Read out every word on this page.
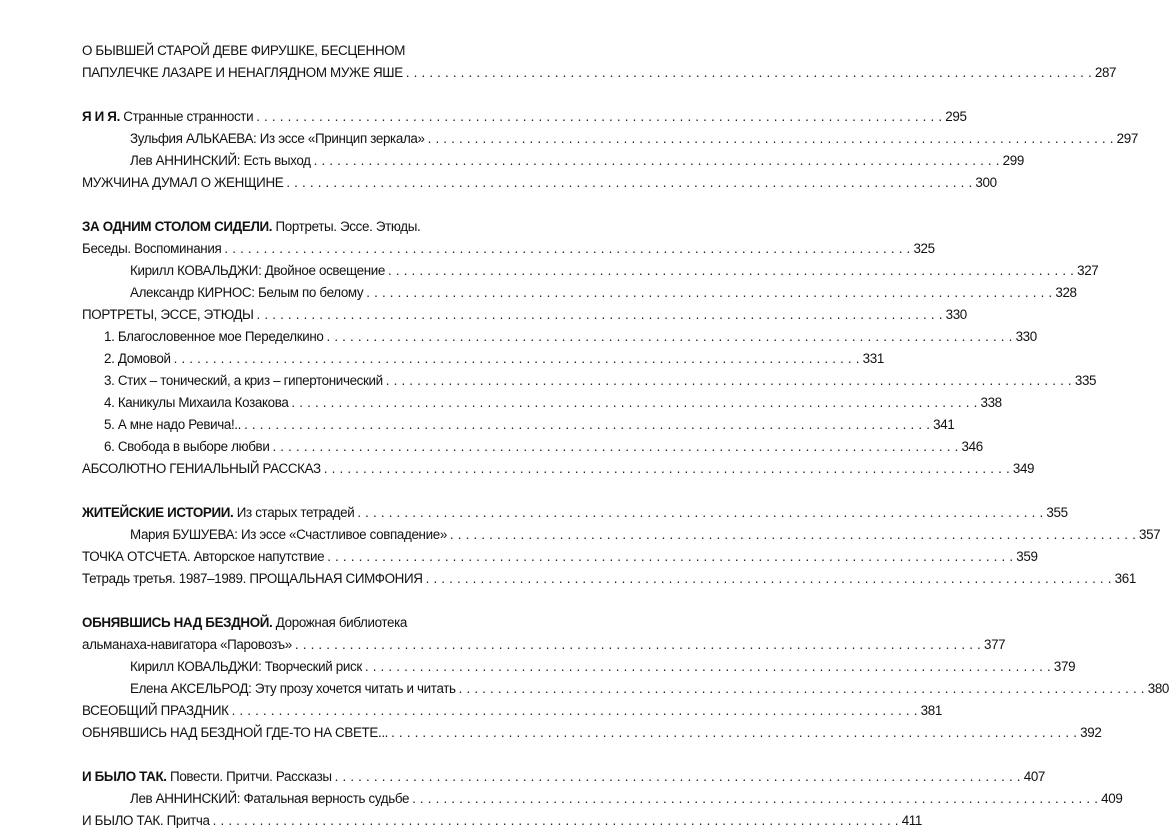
О БЫВШЕЙ СТАРОЙ ДЕВЕ ФИРУШКЕ, БЕСЦЕННОМ
ПАПУЛЕЧКЕ ЛАЗАРЕ И НЕНАГЛЯДНОМ МУЖЕ ЯШЕ . . .	287
Я И Я. Странные странности . . .	295
Зульфия АЛЬКАЕВА: Из эссе «Принцип зеркала» . . .	297
Лев АННИНСКИЙ: Есть выход . . .	299
МУЖЧИНА ДУМАЛ О ЖЕНЩИНЕ . . .	300
ЗА ОДНИМ СТОЛОМ СИДЕЛИ. Портреты. Эссе. Этюды.
Беседы. Воспоминания . . .	325
Кирилл КОВАЛЬДЖИ: Двойное освещение . . .	327
Александр КИРНОС: Белым по белому . . .	328
ПОРТРЕТЫ, ЭССЕ, ЭТЮДЫ . . .	330
1. Благословенное мое Переделкино . . .	330
2. Домовой . . .	331
3. Стих – тонический, а криз – гипертонический . . .	335
4. Каникулы Михаила Козакова . . .	338
5. А мне надо Ревича!.. . . .	341
6. Свобода в выборе любви . . .	346
АБСОЛЮТНО ГЕНИАЛЬНЫЙ РАССКАЗ . . .	349
ЖИТЕЙСКИЕ ИСТОРИИ. Из старых тетрадей . . .	355
Мария БУШУЕВА: Из эссе «Счастливое совпадение» . . .	357
ТОЧКА ОТСЧЕТА. Авторское напутствие . . .	359
Тетрадь третья. 1987–1989. ПРОЩАЛЬНАЯ СИМФОНИЯ . . .	361
ОБНЯВШИСЬ НАД БЕЗДНОЙ. Дорожная библиотека
альманаха-навигатора «Паровозъ» . . .	377
Кирилл КОВАЛЬДЖИ: Творческий риск . . .	379
Елена АКСЕЛЬРОД: Эту прозу хочется читать и читать . . .	380
ВСЕОБЩИЙ ПРАЗДНИК . . .	381
ОБНЯВШИСЬ НАД БЕЗДНОЙ ГДЕ-ТО НА СВЕТЕ... . . .	392
И БЫЛО ТАК. Повести. Притчи. Рассказы . . .	407
Лев АННИНСКИЙ: Фатальная верность судьбе . . .	409
И БЫЛО ТАК. Притча . . .	411
